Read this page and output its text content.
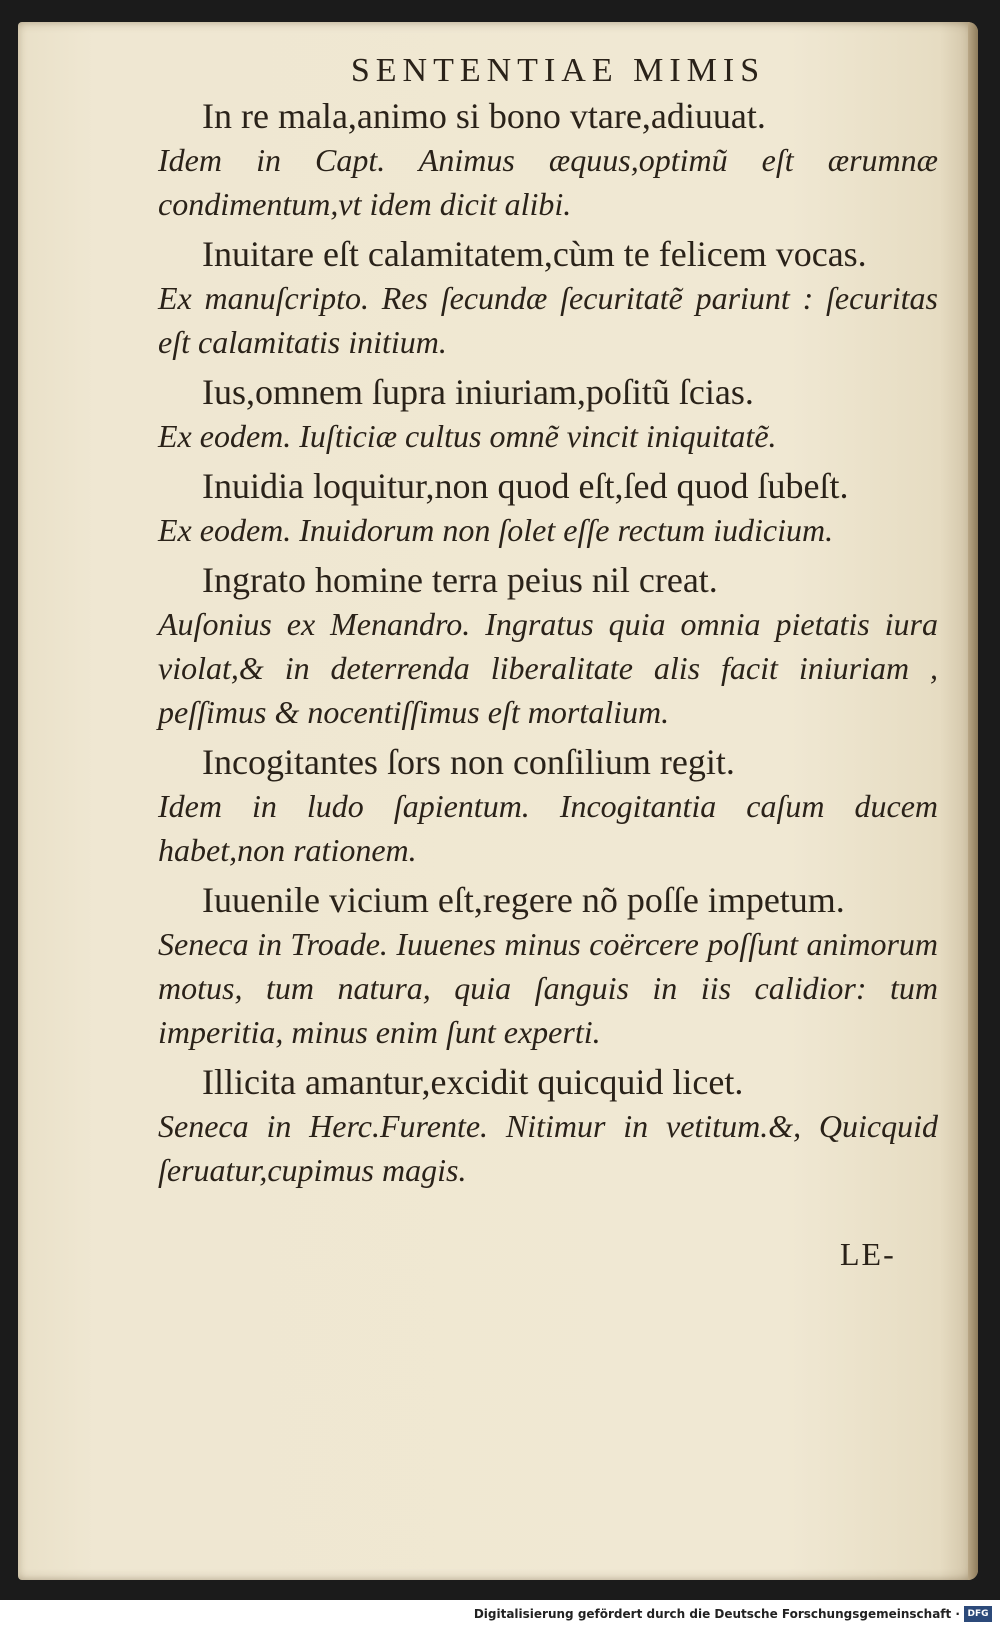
SENTENTIAE MIMIS
In re mala,animo si bono vtare,adiuuat.
Idem in Capt. Animus æquus,optimũ eſt ærumnæ condimentum,vt idem dicit alibi.
Inuitare eſt calamitatem,cùm te felicem vocas.
Ex manuſcripto. Res ſecundæ ſecuritatẽ pariunt : ſecuritas eſt calamitatis initium.
Ius,omnem ſupra iniuriam,poſitũ ſcias.
Ex eodem. Iuſticiæ cultus omnẽ vincit iniquitatẽ.
Inuidia loquitur,non quod eſt,ſed quod ſubeſt.
Ex eodem. Inuidorum non ſolet eſſe rectum iudicium.
Ingrato homine terra peius nil creat.
Auſonius ex Menandro. Ingratus quia omnia pietatis iura violat,& in deterrenda liberalitate alis facit iniuriam , peſſimus & nocentiſſimus eſt mortalium.
Incogitantes ſors non conſilium regit.
Idem in ludo ſapientum. Incogitantia caſum ducem habet,non rationem.
Iuuenile vicium eſt,regere nõ poſſe impetum.
Seneca in Troade. Iuuenes minus coërcere poſſunt animorum motus, tum natura, quia ſanguis in iis calidior: tum imperitia, minus enim ſunt experti.
Illicita amantur,excidit quicquid licet.
Seneca in Herc.Furente. Nitimur in vetitum.&, Quicquid ſeruatur,cupimus magis.
LE-
Digitalisierung gefördert durch die Deutsche Forschungsgemeinschaft · DFG
